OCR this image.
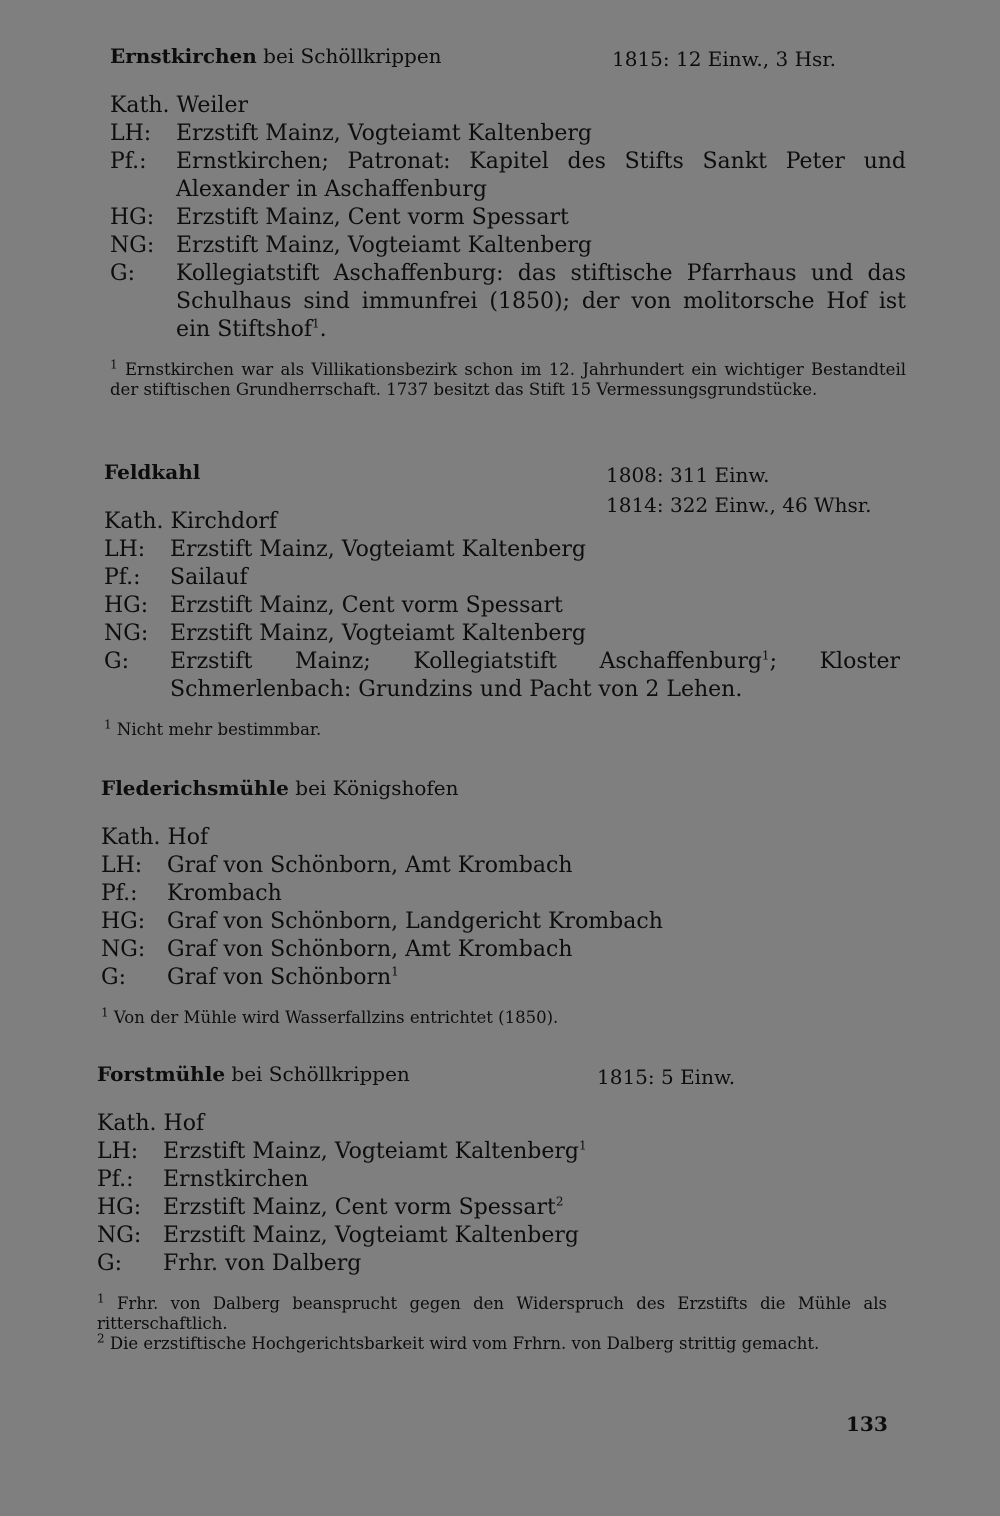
Ernstkirchen bei Schöllkrippen	1815: 12 Einw., 3 Hsr.
Kath. Weiler
LH:	Erzstift Mainz, Vogteiamt Kaltenberg
Pf.:	Ernstkirchen; Patronat: Kapitel des Stifts Sankt Peter und Alexander in Aschaffenburg
HG: Erzstift Mainz, Cent vorm Spessart
NG: Erzstift Mainz, Vogteiamt Kaltenberg
G:	Kollegiatstift Aschaffenburg: das stiftische Pfarrhaus und das Schulhaus sind immunfrei (1850); der von molitorsche Hof ist ein Stiftshof$^1$.
$^1$ Ernstkirchen war als Villikationsbezirk schon im 12. Jahrhundert ein wichtiger Bestandteil der stiftischen Grundherrschaft. 1737 besitzt das Stift 15 Vermessungsgrundstücke.
Feldkahl	1808: 311 Einw.
1814: 322 Einw., 46 Whsr.
Kath. Kirchdorf
LH:	Erzstift Mainz, Vogteiamt Kaltenberg
Pf.:	Sailauf
HG: Erzstift Mainz, Cent vorm Spessart
NG: Erzstift Mainz, Vogteiamt Kaltenberg
G:	Erzstift Mainz; Kollegiatstift Aschaffenburg$^1$; Kloster Schmerlenbach: Grundzins und Pacht von 2 Lehen.
$^1$ Nicht mehr bestimmbar.
Flederichsmühle bei Königshofen
Kath. Hof
LH:	Graf von Schönborn, Amt Krombach
Pf.:	Krombach
HG: Graf von Schönborn, Landgericht Krombach
NG: Graf von Schönborn, Amt Krombach
G:	Graf von Schönborn$^1$
$^1$ Von der Mühle wird Wasserfallzins entrichtet (1850).
Forstmühle bei Schöllkrippen	1815: 5 Einw.
Kath. Hof
LH:	Erzstift Mainz, Vogteiamt Kaltenberg$^1$
Pf.:	Ernstkirchen
HG: Erzstift Mainz, Cent vorm Spessart$^2$
NG: Erzstift Mainz, Vogteiamt Kaltenberg
G:	Frhr. von Dalberg
$^1$ Frhr. von Dalberg beansprucht gegen den Widerspruch des Erzstifts die Mühle als ritterschaftlich.
$^2$ Die erzstiftische Hochgerichtsbarkeit wird vom Frhrn. von Dalberg strittig gemacht.
133
